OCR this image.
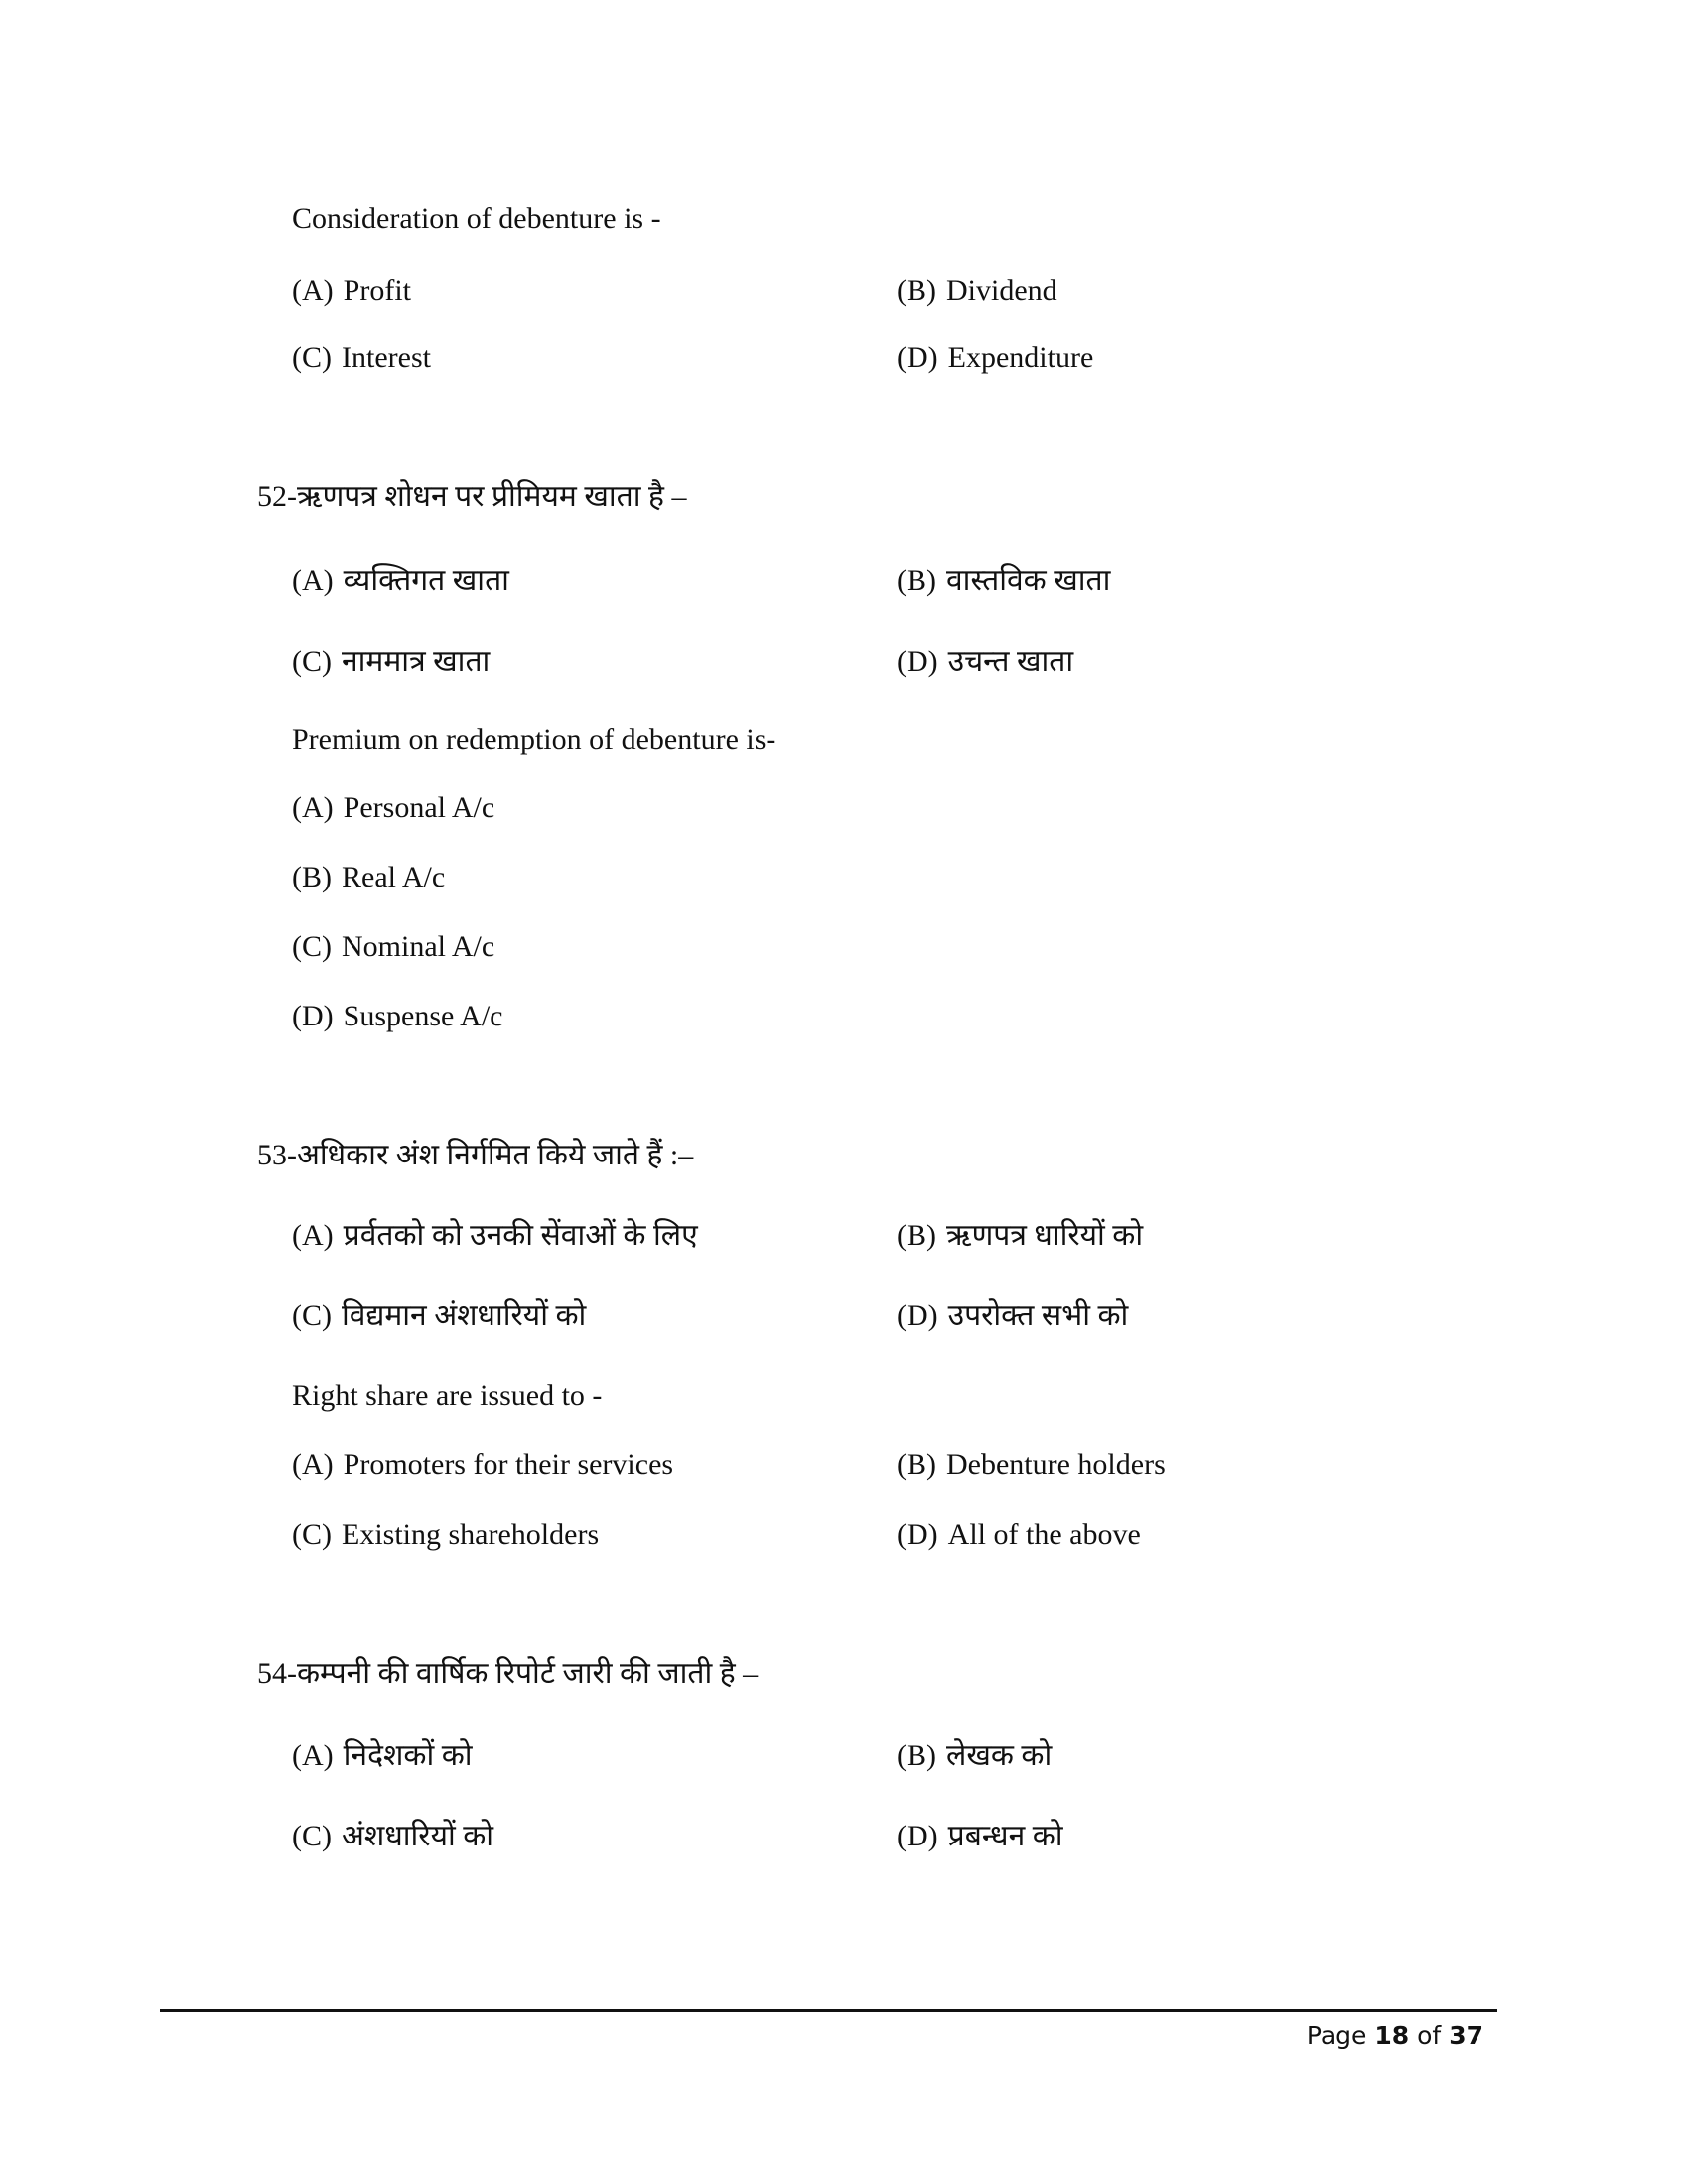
Consideration of debenture is -
(A) Profit	(B) Dividend
(C) Interest	(D) Expenditure
52-ऋणपत्र शोधन पर प्रीमियम खाता है –
(A) व्यक्तिगत खाता	(B) वास्तविक खाता
(C) नाममात्र खाता	(D) उचन्त खाता
Premium on redemption of debenture is-
(A) Personal A/c
(B) Real A/c
(C) Nominal A/c
(D) Suspense A/c
53-अधिकार अंश निर्गमित किये जाते हैं :–
(A) प्रर्वतको को उनकी सेंवाओं के लिए	(B) ऋणपत्र धारियों को
(C) विद्यमान अंशधारियों को	(D) उपरोक्त सभी को
Right share are issued to -
(A) Promoters for their services	(B) Debenture holders
(C) Existing shareholders	(D) All of the above
54-कम्पनी की वार्षिक रिपोर्ट जारी की जाती है –
(A) निदेशकों को	(B) लेखक को
(C) अंशधारियों को	(D) प्रबन्धन को
Page 18 of 37
